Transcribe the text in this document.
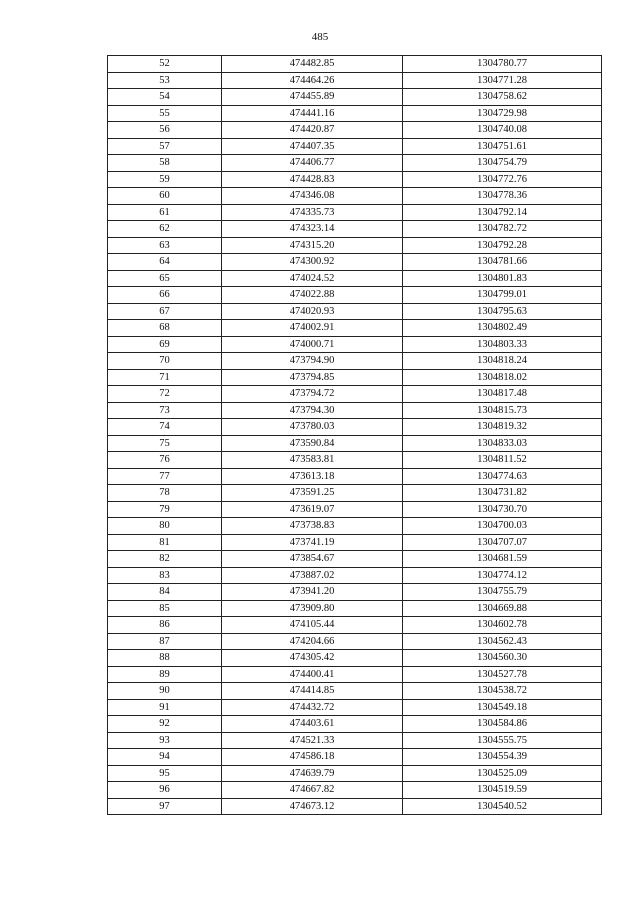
485
52	474482.85	1304780.77
53	474464.26	1304771.28
54	474455.89	1304758.62
55	474441.16	1304729.98
56	474420.87	1304740.08
57	474407.35	1304751.61
58	474406.77	1304754.79
59	474428.83	1304772.76
60	474346.08	1304778.36
61	474335.73	1304792.14
62	474323.14	1304782.72
63	474315.20	1304792.28
64	474300.92	1304781.66
65	474024.52	1304801.83
66	474022.88	1304799.01
67	474020.93	1304795.63
68	474002.91	1304802.49
69	474000.71	1304803.33
70	473794.90	1304818.24
71	473794.85	1304818.02
72	473794.72	1304817.48
73	473794.30	1304815.73
74	473780.03	1304819.32
75	473590.84	1304833.03
76	473583.81	1304811.52
77	473613.18	1304774.63
78	473591.25	1304731.82
79	473619.07	1304730.70
80	473738.83	1304700.03
81	473741.19	1304707.07
82	473854.67	1304681.59
83	473887.02	1304774.12
84	473941.20	1304755.79
85	473909.80	1304669.88
86	474105.44	1304602.78
87	474204.66	1304562.43
88	474305.42	1304560.30
89	474400.41	1304527.78
90	474414.85	1304538.72
91	474432.72	1304549.18
92	474403.61	1304584.86
93	474521.33	1304555.75
94	474586.18	1304554.39
95	474639.79	1304525.09
96	474667.82	1304519.59
97	474673.12	1304540.52
